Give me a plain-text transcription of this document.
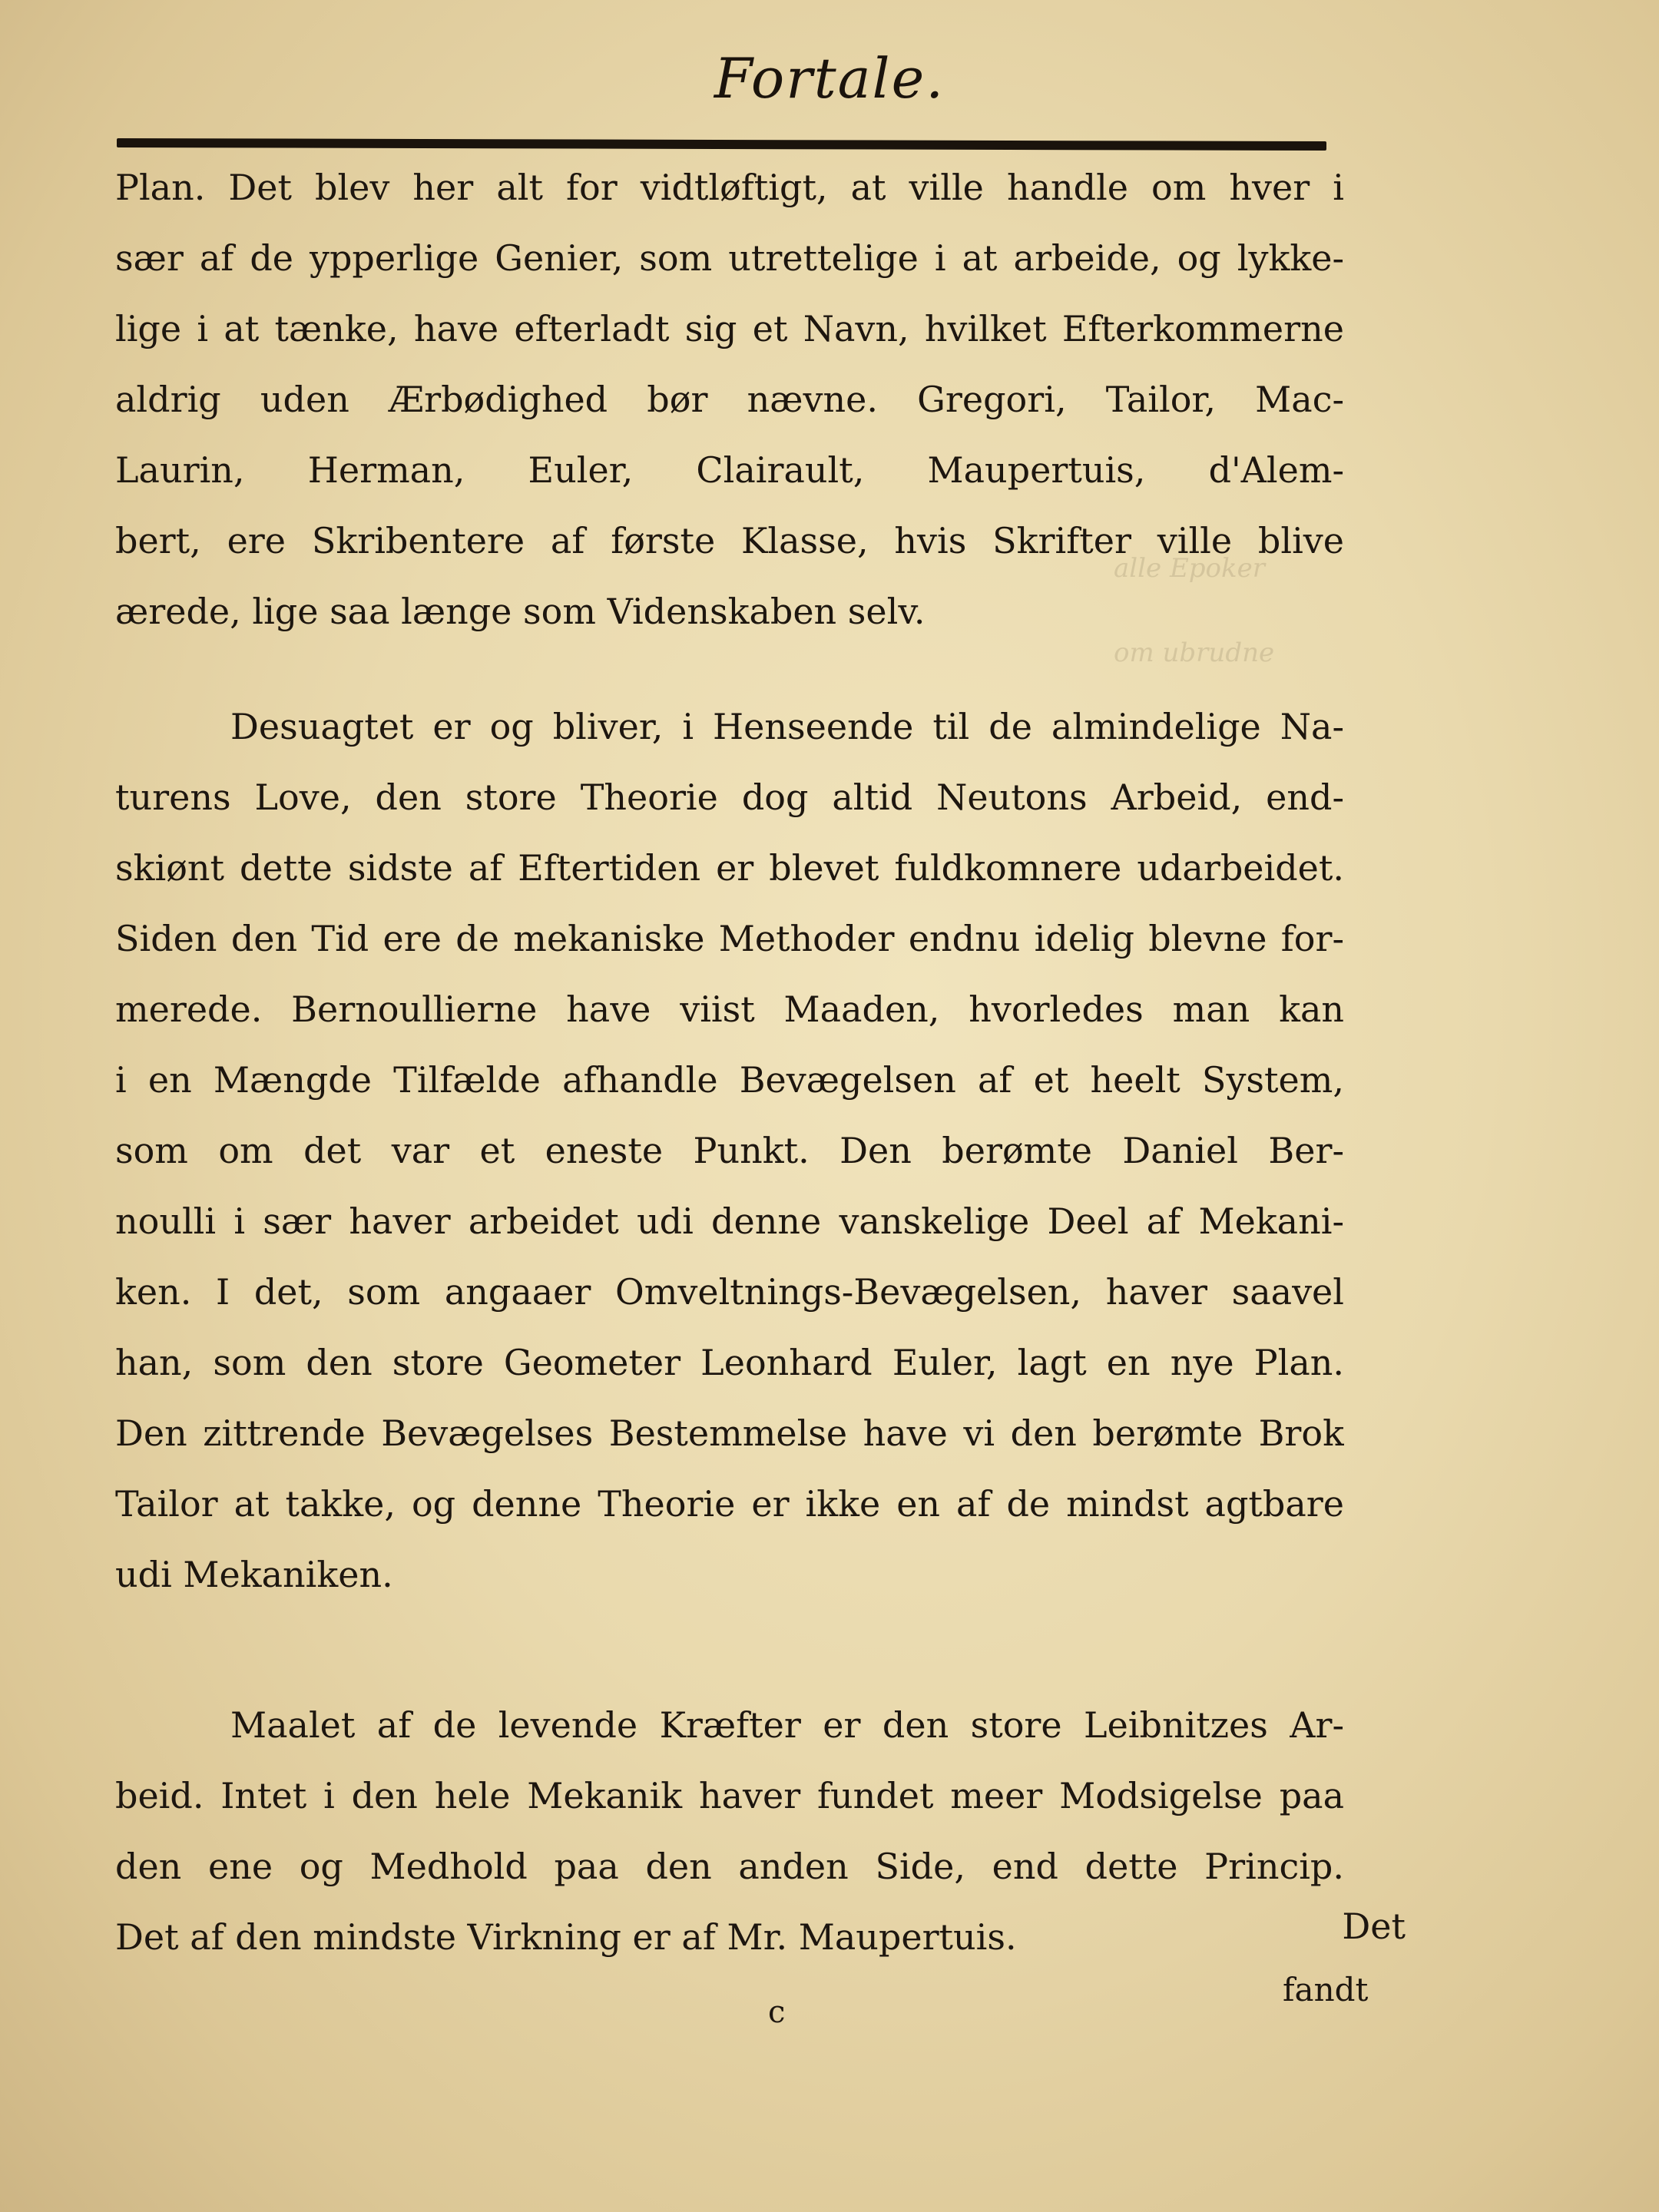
Fortale.
alle Epoker
om ubrudne
Plan. Det blev her alt for vidtløftigt, at ville handle om hver i
sær af de ypperlige Genier, som utrettelige i at arbeide, og lykke-
lige i at tænke, have efterladt sig et Navn, hvilket Efterkommerne
aldrig uden Ærbødighed bør nævne. Gregori, Tailor, Mac-
Laurin, Herman, Euler, Clairault, Maupertuis, d'Alem-
bert, ere Skribentere af første Klasse, hvis Skrifter ville blive
ærede, lige saa længe som Videnskaben selv.
Desuagtet er og bliver, i Henseende til de almindelige Na-
turens Love, den store Theorie dog altid Neutons Arbeid, end-
skiønt dette sidste af Eftertiden er blevet fuldkomnere udarbeidet.
Siden den Tid ere de mekaniske Methoder endnu idelig blevne for-
merede. Bernoullierne have viist Maaden, hvorledes man kan
i en Mængde Tilfælde afhandle Bevægelsen af et heelt System,
som om det var et eneste Punkt. Den berømte Daniel Ber-
noulli i sær haver arbeidet udi denne vanskelige Deel af Mekani-
ken. I det, som angaaer Omveltnings-Bevægelsen, haver saavel
han, som den store Geometer Leonhard Euler, lagt en nye Plan.
Den zittrende Bevægelses Bestemmelse have vi den berømte Brok
Tailor at takke, og denne Theorie er ikke en af de mindst agtbare
udi Mekaniken.
Maalet af de levende Kræfter er den store Leibnitzes Ar-
beid. Intet i den hele Mekanik haver fundet meer Modsigelse paa
den ene og Medhold paa den anden Side, end dette Princip.
Det af den mindste Virkning er af Mr. Maupertuis.	Det
c
fandt
